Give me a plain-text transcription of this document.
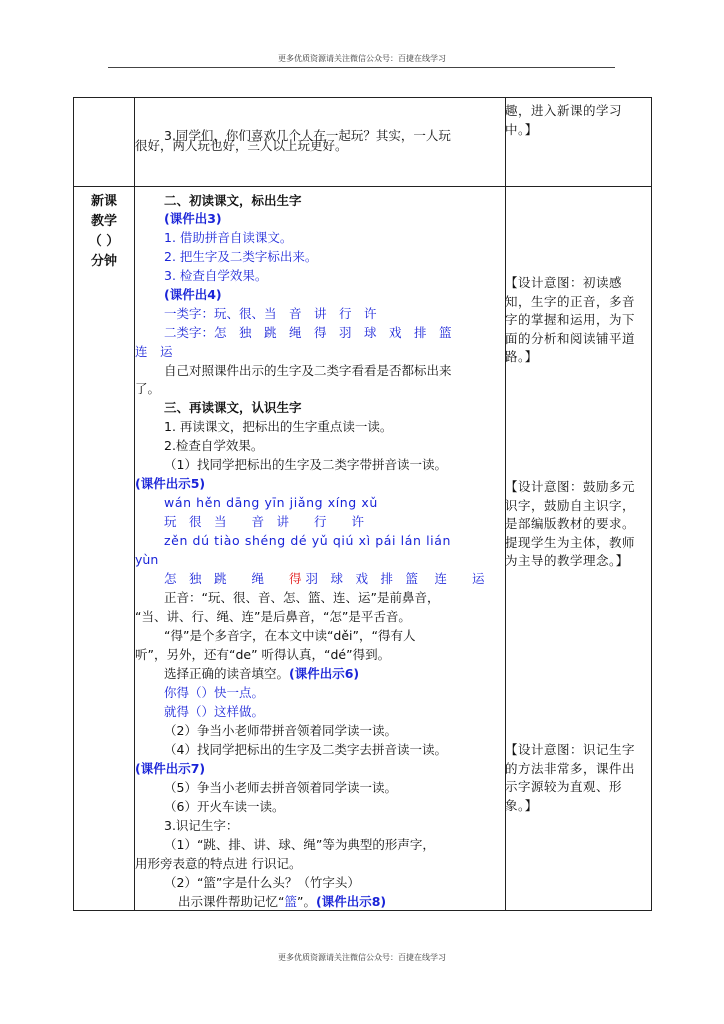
更多优质资源请关注微信公众号：百捷在线学习
3.同学们，你们喜欢几个人在一起玩？其实，一人玩
很好，两人玩也好，三人以上玩更好。
趣，进入新课的学习
中。】
新课
教学
（ ）
分钟
二、初读课文，标出生字
(课件出3)
1. 借助拼音自读课文。
2. 把生字及二类字标出来。
3. 检查自学效果。
(课件出4)
一类字：玩、很、当　音　讲　行　许
二类字：怎　独　跳　绳　得　羽　球　戏　排　篮
连　运
自己对照课件出示的生字及二类字看看是否都标出来
了。
三、再读课文，认识生字
1. 再读课文，把标出的生字重点读一读。
2.检查自学效果。
（1）找同学把标出的生字及二类字带拼音读一读。
(课件出示5)
wán hěn dāng yīn jiǎng xíng xǔ
玩　很　当　　音　讲　　行　　许
zěn dú tiào shéng dé yǔ qiú xì pái lán lián
yùn
怎　独　跳　　绳　　得 羽　球　戏　排　篮　 连　　运
正音：“玩、很、音、怎、篮、连、运”是前鼻音，
“当、讲、行、绳、连”是后鼻音，“怎”是平舌音。
“得”是个多音字，在本文中读“děi”，“得有人
听”，另外，还有“de” 听得认真，“dé”得到。
选择正确的读音填空。(课件出示6)
你得（）快一点。
就得（）这样做。
（2）争当小老师带拼音领着同学读一读。
（4）找同学把标出的生字及二类字去拼音读一读。
(课件出示7)
（5）争当小老师去拼音领着同学读一读。
（6）开火车读一读。
3.识记生字：
（1）“跳、排、讲、球、绳”等为典型的形声字，
用形旁表意的特点进 行识记。
（2）“篮”字是什么头？（竹字头）
出示课件帮助记忆“篮”。(课件出示8)
【设计意图：初读感
知，生字的正音，多音
字的掌握和运用，为下
面的分析和阅读铺平道
路。】
【设计意图：鼓励多元
识字，鼓励自主识字，
是部编版教材的要求。
提现学生为主体，教师
为主导的教学理念。】
【设计意图：识记生字
的方法非常多，课件出
示字源较为直观、形
象。】
更多优质资源请关注微信公众号：百捷在线学习
